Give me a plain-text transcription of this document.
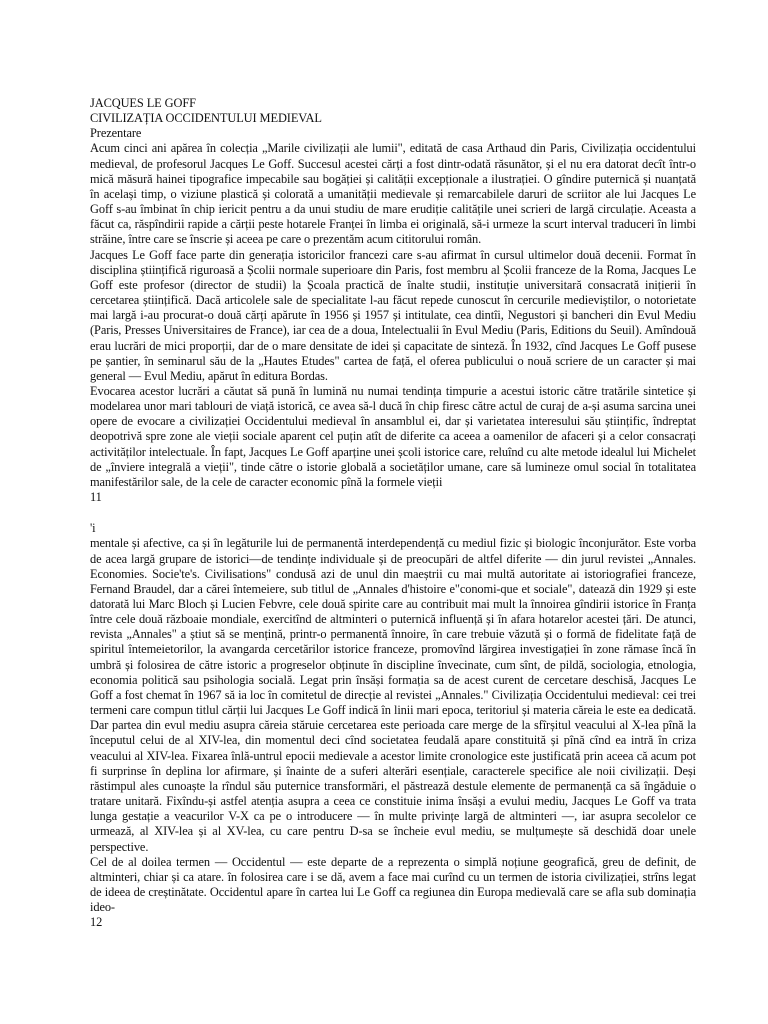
JACQUES LE GOFF
CIVILIZAȚIA OCCIDENTULUI MEDIEVAL
Prezentare

Acum cinci ani apărea în colecția „Marile civilizații ale lumii", editată de casa Arthaud din Paris, Civilizația occidentului medieval, de profesorul Jacques Le Goff. Succesul acestei cărți a fost dintr-odată răsunător, și el nu era datorat decît într-o mică măsură hainei tipografice impecabile sau bogăției și calității excepționale a ilustrației. O gîndire puternică și nuanțată în același timp, o viziune plastică și colorată a umanității medievale și remarcabilele daruri de scriitor ale lui Jacques Le Goff s-au îmbinat în chip iericit pentru a da unui studiu de mare erudiție calitățile unei scrieri de largă circulație. Aceasta a făcut ca, răspîndirii rapide a cărții peste hotarele Franței în limba ei originală, să-i urmeze la scurt interval traduceri în limbi străine, între care se înscrie și aceea pe care o prezentăm acum cititorului român.

Jacques Le Goff face parte din generația istoricilor francezi care s-au afirmat în cursul ultimelor două decenii. Format în disciplina științifică riguroasă a Școlii normale superioare din Paris, fost membru al Școlii franceze de la Roma, Jacques Le Goff este profesor (director de studii) la Școala practică de înalte studii, instituție universitară consacrată inițierii în cercetarea științifică. Dacă articolele sale de specialitate l-au făcut repede cunoscut în cercurile medieviștilor, o notorietate mai largă i-au procurat-o două cărți apărute în 1956 și 1957 și intitulate, cea dintîi, Negustori și bancheri din Evul Mediu (Paris, Presses Universitaires de France), iar cea de a doua, Intelectualii în Evul Mediu (Paris, Editions du Seuil). Amîndouă erau lucrări de mici proporții, dar de o mare densitate de idei și capacitate de sinteză. În 1932, cînd Jacques Le Goff pusese pe șantier, în seminarul său de la „Hautes Etudes" cartea de față, el oferea publicului o nouă scriere de un caracter și mai general — Evul Mediu, apărut în editura Bordas.

Evocarea acestor lucrări a căutat să pună în lumină nu numai tendința timpurie a acestui istoric către tratările sintetice și modelarea unor mari tablouri de viață istorică, ce avea să-l ducă în chip firesc către actul de curaj de a-și asuma sarcina unei opere de evocare a civilizației Occidentului medieval în ansamblul ei, dar și varietatea interesului său științific, îndreptat deopotrivă spre zone ale vieții sociale aparent cel puțin atît de diferite ca aceea a oamenilor de afaceri și a celor consacrați activităților intelectuale. În fapt, Jacques Le Goff aparține unei școli istorice care, reluînd cu alte metode idealul lui Michelet de „înviere integrală a vieții", tinde către o istorie globală a societăților umane, care să lumineze omul social în totalitatea manifestărilor sale, de la cele de caracter economic pînă la formele vieții

11
'i

mentale și afective, ca și în legăturile lui de permanentă interdependență cu mediul fizic și biologic înconjurător. Este vorba de acea largă grupare de istorici—de tendințe individuale și de preocupări de altfel diferite — din jurul revistei „Annales. Economies. Socie'te's. Civilisations" condusă azi de unul din maeștrii cu mai multă autoritate ai istoriografiei franceze, Fernand Braudel, dar a cărei întemeiere, sub titlul de „Annales d'histoire e"conomi-que et sociale", datează din 1929 și este datorată lui Marc Bloch și Lucien Febvre, cele două spirite care au contribuit mai mult la înnoirea gîndirii istorice în Franța între cele două războaie mondiale, exercitînd de altminteri o puternică influență și în afara hotarelor acestei țări. De atunci, revista „Annales" a știut să se mențină, printr-o permanentă înnoire, în care trebuie văzută și o formă de fidelitate față de spiritul întemeietorilor, la avangarda cercetărilor istorice franceze, promovînd lărgirea investigației în zone rămase încă în umbră și folosirea de către istoric a progreselor obținute în discipline învecinate, cum sînt, de pildă, sociologia, etnologia, economia politică sau psihologia socială. Legat prin însăși formația sa de acest curent de cercetare deschisă, Jacques Le Goff a fost chemat în 1967 să ia loc în comitetul de direcție al revistei „Annales." Civilizația Occidentului medieval: cei trei termeni care compun titlul cărții lui Jacques Le Goff indică în linii mari epoca, teritoriul și materia căreia le este ea dedicată. Dar partea din evul mediu asupra căreia stăruie cercetarea este perioada care merge de la sfîrșitul veacului al X-lea pînă la începutul celui de al XIV-lea, din momentul deci cînd societatea feudală apare constituită și pînă cînd ea intră în criza veacului al XIV-lea. Fixarea înlă-untrul epocii medievale a acestor limite cronologice este justificată prin aceea că acum pot fi surprinse în deplina lor afirmare, și înainte de a suferi alterări esențiale, caracterele specifice ale noii civilizații. Deși răstimpul ales cunoaște la rîndul său puternice transformări, el păstrează destule elemente de permanență ca să îngăduie o tratare unitară. Fixîndu-și astfel atenția asupra a ceea ce constituie inima însăși a evului mediu, Jacques Le Goff va trata lunga gestație a veacurilor V-X ca pe o introducere — în multe privințe largă de altminteri —, iar asupra secolelor ce urmează, al XIV-lea și al XV-lea, cu care pentru D-sa se încheie evul mediu, se mulțumește să deschidă doar unele perspective.

Cel de al doilea termen — Occidentul — este departe de a reprezenta o simplă noțiune geografică, greu de definit, de altminteri, chiar și ca atare. în folosirea care i se dă, avem a face mai curînd cu un termen de istoria civilizației, strîns legat de ideea de creștinătate. Occidentul apare în cartea lui Le Goff ca regiunea din Europa medievală care se afla sub dominația ideo-

12
